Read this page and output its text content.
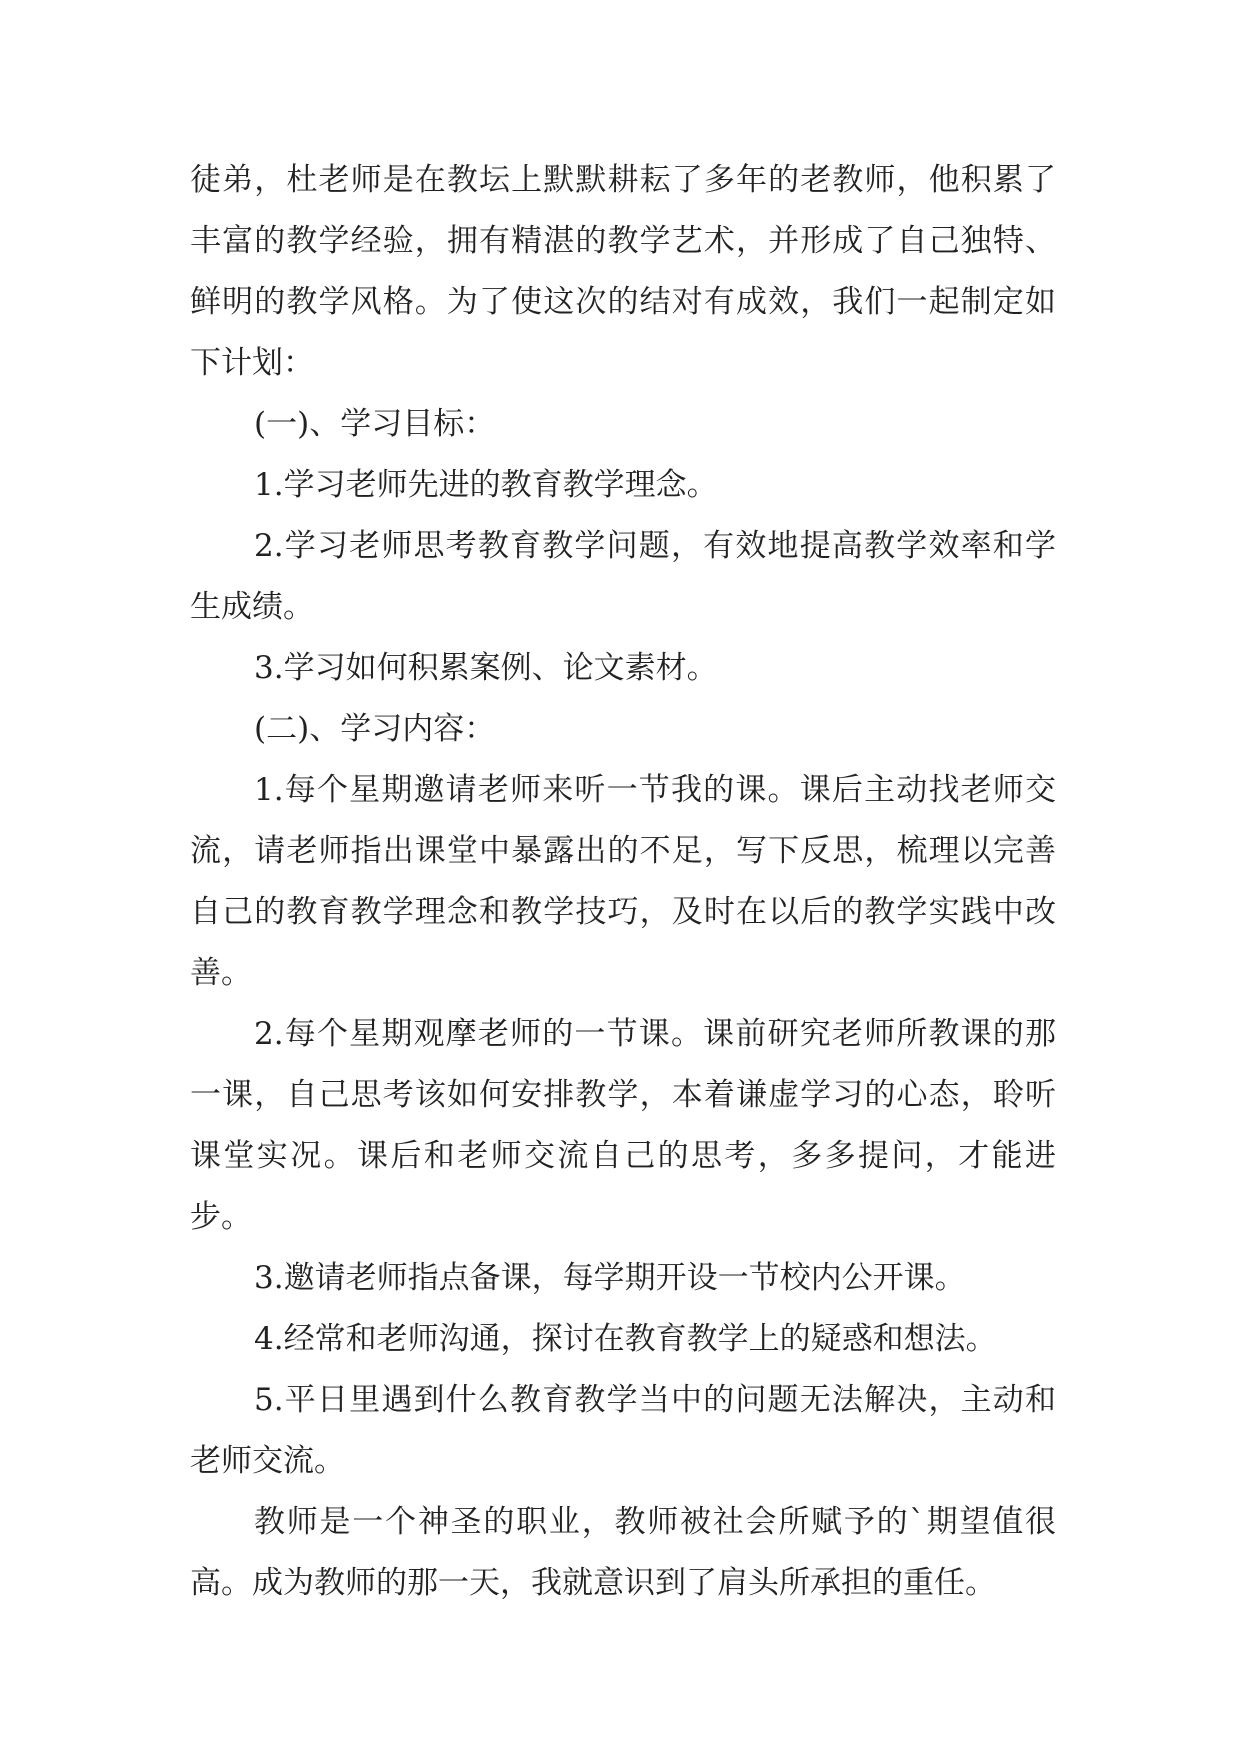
徒弟，杜老师是在教坛上默默耕耘了多年的老教师，他积累了丰富的教学经验，拥有精湛的教学艺术，并形成了自己独特、鲜明的教学风格。为了使这次的结对有成效，我们一起制定如下计划：

(一)、学习目标：

1.学习老师先进的教育教学理念。

2.学习老师思考教育教学问题，有效地提高教学效率和学生成绩。

3.学习如何积累案例、论文素材。

(二)、学习内容：

1.每个星期邀请老师来听一节我的课。课后主动找老师交流，请老师指出课堂中暴露出的不足，写下反思，梳理以完善自己的教育教学理念和教学技巧，及时在以后的教学实践中改善。

2.每个星期观摩老师的一节课。课前研究老师所教课的那一课，自己思考该如何安排教学，本着谦虚学习的心态，聆听课堂实况。课后和老师交流自己的思考，多多提问，才能进步。

3.邀请老师指点备课，每学期开设一节校内公开课。

4.经常和老师沟通，探讨在教育教学上的疑惑和想法。

5.平日里遇到什么教育教学当中的问题无法解决，主动和老师交流。

教师是一个神圣的职业，教师被社会所赋予的`期望值很高。成为教师的那一天，我就意识到了肩头所承担的重任。
